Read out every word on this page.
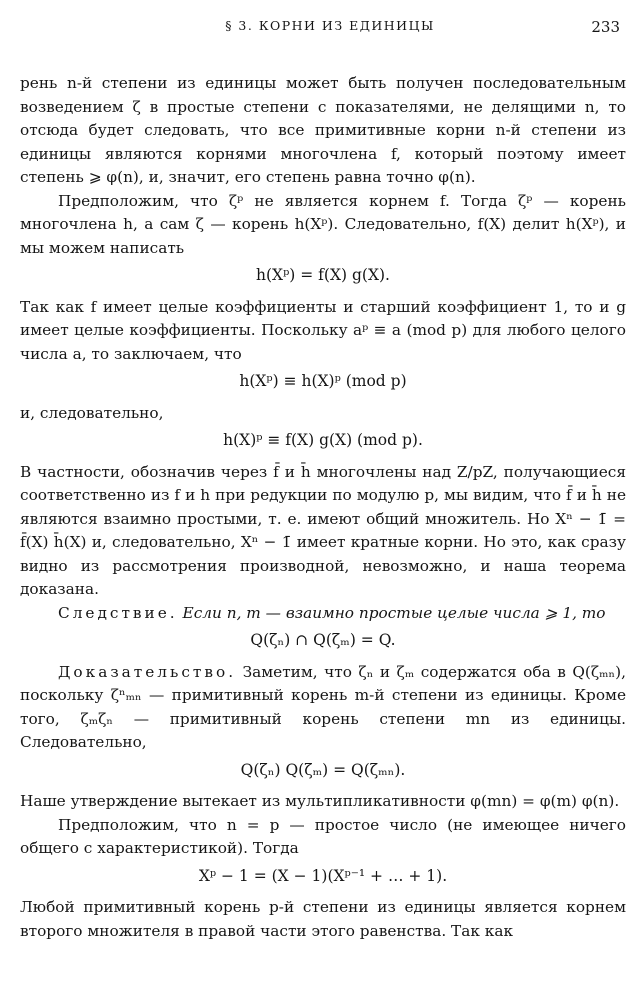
§ 3. КОРНИ ИЗ ЕДИНИЦЫ	233

рень n-й степени из единицы может быть получен последовательным возведением ζ в простые степени с показателями, не делящими n, то отсюда будет следовать, что все примитивные корни n-й степени из единицы являются корнями многочлена f, который поэтому имеет степень ⩾ φ(n), и, значит, его степень равна точно φ(n).

Предположим, что ζᵖ не является корнем f. Тогда ζᵖ — корень многочлена h, а сам ζ — корень h(Xᵖ). Следовательно, f(X) делит h(Xᵖ), и мы можем написать

h(Xᵖ) = f(X) g(X).

Так как f имеет целые коэффициенты и старший коэффициент 1, то и g имеет целые коэффициенты. Поскольку aᵖ ≡ a (mod p) для любого целого числа a, то заключаем, что

h(Xᵖ) ≡ h(X)ᵖ (mod p)

и, следовательно,

h(X)ᵖ ≡ f(X) g(X) (mod p).

В частности, обозначив через f̄ и h̄ многочлены над Z/pZ, получающиеся соответственно из f и h при редукции по модулю p, мы видим, что f̄ и h̄ не являются взаимно простыми, т. е. имеют общий множитель. Но Xⁿ − 1̄ = f̄(X) h̄(X) и, следовательно, Xⁿ − 1̄ имеет кратные корни. Но это, как сразу видно из рассмотрения производной, невозможно, и наша теорема доказана.

Следствие. Если n, m — взаимно простые целые числа ⩾ 1, то

Q(ζₙ) ∩ Q(ζₘ) = Q.

Доказательство. Заметим, что ζₙ и ζₘ содержатся оба в Q(ζₘₙ), поскольку ζⁿₘₙ — примитивный корень m-й степени из единицы. Кроме того, ζₘζₙ — примитивный корень степени mn из единицы. Следовательно,

Q(ζₙ) Q(ζₘ) = Q(ζₘₙ).

Наше утверждение вытекает из мультипликативности φ(mn) = φ(m) φ(n).

Предположим, что n = p — простое число (не имеющее ничего общего с характеристикой). Тогда

Xᵖ − 1 = (X − 1)(Xᵖ⁻¹ + … + 1).

Любой примитивный корень p-й степени из единицы является корнем второго множителя в правой части этого равенства. Так как
